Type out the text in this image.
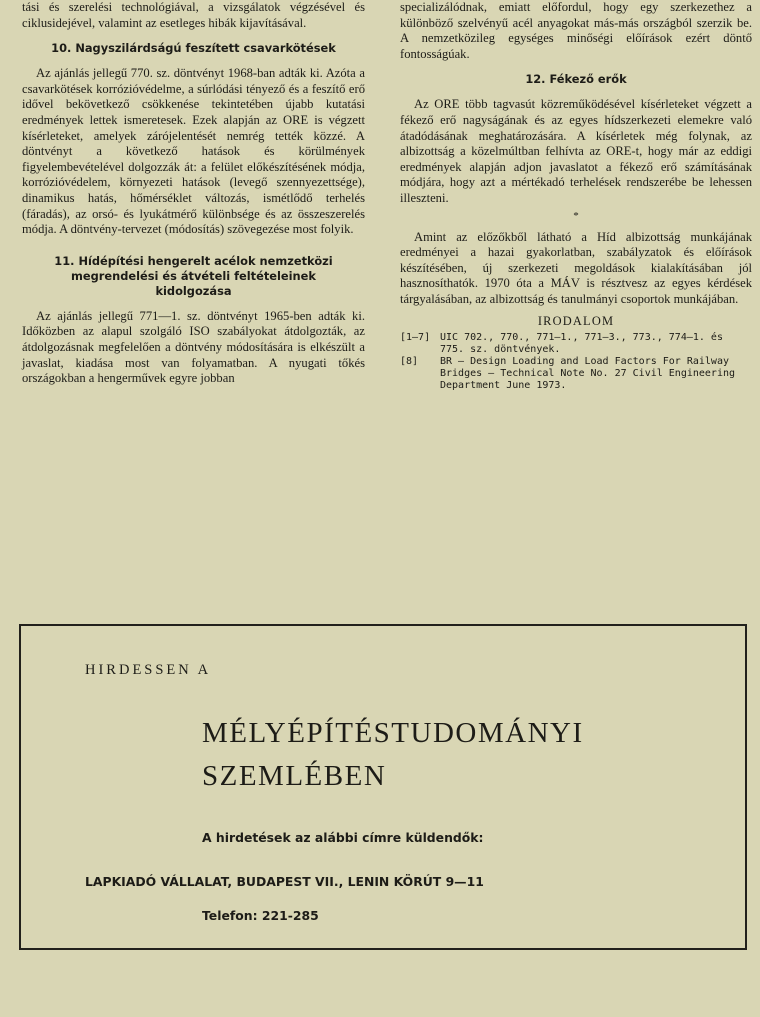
tási és szerelési technológiával, a vizsgálatok végzésével és ciklusidejével, valamint az esetleges hibák kijavításával.

10. Nagyszilárdságú feszített csavarkötések

Az ajánlás jellegű 770. sz. döntvényt 1968-ban adták ki. Azóta a csavarkötések korrózióvédelme, a súrlódási tényező és a feszítő erő idővel bekövetkező csökkenése tekintetében újabb kutatási eredmények lettek ismeretesek. Ezek alapján az ORE is végzett kísérleteket, amelyek zárójelentését nemrég tették közzé. A döntvényt a következő hatások és körülmények figyelembevételével dolgozzák át: a felület előkészítésének módja, korrózióvédelem, környezeti hatások (levegő szennyezettsége), dinamikus hatás, hőmérséklet változás, ismétlődő terhelés (fáradás), az orsó- és lyukátmérő különbsége és az összeszerelés módja. A döntvény-tervezet (módosítás) szövegezése most folyik.

11. Hídépítési hengerelt acélok nemzetközi
megrendelési és átvételi feltételeinek
kidolgozása

Az ajánlás jellegű 771—1. sz. döntvényt 1965-ben adták ki. Időközben az alapul szolgáló ISO szabályokat átdolgozták, az átdolgozásnak megfelelően a döntvény módosítására is elkészült a javaslat, kiadása most van folyamatban. A nyugati tőkés országokban a hengerművek egyre jobban

specializálódnak, emiatt előfordul, hogy egy szerkezethez a különböző szelvényű acél anyagokat más-más országból szerzik be. A nemzetközileg egységes minőségi előírások ezért döntő fontosságúak.

12. Fékező erők

Az ORE több tagvasút közreműködésével kísérleteket végzett a fékező erő nagyságának és az egyes hídszerkezeti elemekre való átadódásának meghatározására. A kísérletek még folynak, az albizottság a közelmúltban felhívta az ORE-t, hogy már az eddigi eredmények alapján adjon javaslatot a fékező erő számításának módjára, hogy azt a mértékadó terhelések rendszerébe be lehessen illeszteni.

*

Amint az előzőkből látható a Híd albizottság munkájának eredményei a hazai gyakorlatban, szabályzatok és előírások készítésében, új szerkezeti megoldások kialakításában jól hasznosíthatók. 1970 óta a MÁV is résztvesz az egyes kérdések tárgyalásában, az albizottság és tanulmányi csoportok munkájában.

IRODALOM
[1—7] UIC 702., 770., 771—1., 771—3., 773., 774—1. és 775. sz. döntvények.
[8]	BR — Design Loading and Load Factors For Railway Bridges — Technical Note No. 27 Civil Engineering Department June 1973.

HIRDESSEN A

MÉLYÉPÍTÉSTUDOMÁNYI
SZEMLÉBEN

A hirdetések az alábbi címre küldendők:

LAPKIADÓ VÁLLALAT, BUDAPEST VII., LENIN KÖRÚT 9—11

Telefon: 221-285
